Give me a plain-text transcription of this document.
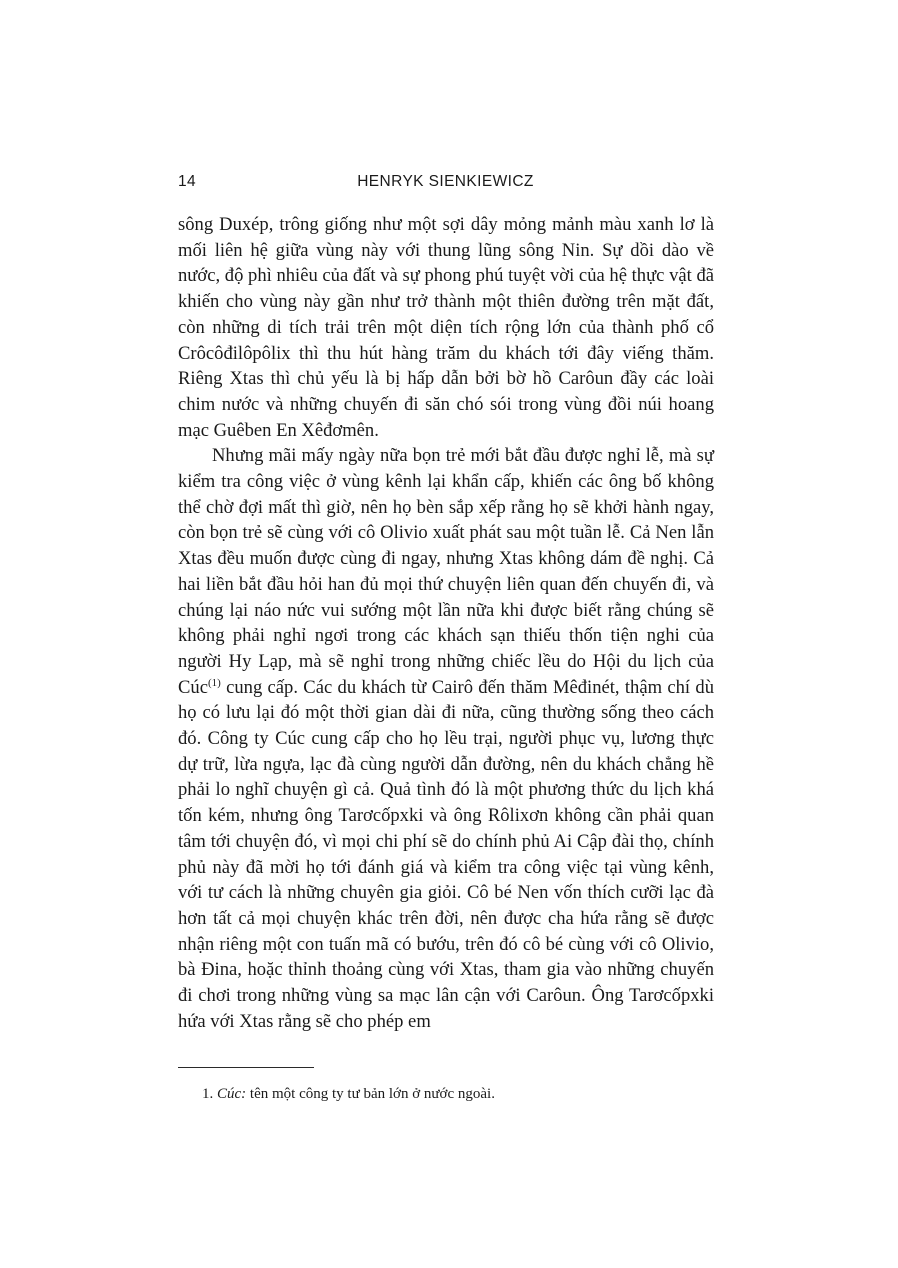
14	HENRYK SIENKIEWICZ

sông Duxép, trông giống như một sợi dây mỏng mảnh màu xanh lơ là mối liên hệ giữa vùng này với thung lũng sông Nin. Sự dồi dào về nước, độ phì nhiêu của đất và sự phong phú tuyệt vời của hệ thực vật đã khiến cho vùng này gần như trở thành một thiên đường trên mặt đất, còn những di tích trải trên một diện tích rộng lớn của thành phố cổ Crôcôđilôpôlix thì thu hút hàng trăm du khách tới đây viếng thăm. Riêng Xtas thì chủ yếu là bị hấp dẫn bởi bờ hồ Carôun đầy các loài chim nước và những chuyến đi săn chó sói trong vùng đồi núi hoang mạc Guêben En Xêđơmên.

Nhưng mãi mấy ngày nữa bọn trẻ mới bắt đầu được nghỉ lễ, mà sự kiểm tra công việc ở vùng kênh lại khẩn cấp, khiến các ông bố không thể chờ đợi mất thì giờ, nên họ bèn sắp xếp rằng họ sẽ khởi hành ngay, còn bọn trẻ sẽ cùng với cô Olivio xuất phát sau một tuần lễ. Cả Nen lẫn Xtas đều muốn được cùng đi ngay, nhưng Xtas không dám đề nghị. Cả hai liền bắt đầu hỏi han đủ mọi thứ chuyện liên quan đến chuyến đi, và chúng lại náo nức vui sướng một lần nữa khi được biết rằng chúng sẽ không phải nghỉ ngơi trong các khách sạn thiếu thốn tiện nghi của người Hy Lạp, mà sẽ nghỉ trong những chiếc lều do Hội du lịch của Cúc$^{(1)}$ cung cấp. Các du khách từ Cairô đến thăm Mêđinét, thậm chí dù họ có lưu lại đó một thời gian dài đi nữa, cũng thường sống theo cách đó. Công ty Cúc cung cấp cho họ lều trại, người phục vụ, lương thực dự trữ, lừa ngựa, lạc đà cùng người dẫn đường, nên du khách chẳng hề phải lo nghĩ chuyện gì cả. Quả tình đó là một phương thức du lịch khá tốn kém, nhưng ông Tarơcốpxki và ông Rôlixơn không cần phải quan tâm tới chuyện đó, vì mọi chi phí sẽ do chính phủ Ai Cập đài thọ, chính phủ này đã mời họ tới đánh giá và kiểm tra công việc tại vùng kênh, với tư cách là những chuyên gia giỏi. Cô bé Nen vốn thích cưỡi lạc đà hơn tất cả mọi chuyện khác trên đời, nên được cha hứa rằng sẽ được nhận riêng một con tuấn mã có bướu, trên đó cô bé cùng với cô Olivio, bà Đina, hoặc thỉnh thoảng cùng với Xtas, tham gia vào những chuyến đi chơi trong những vùng sa mạc lân cận với Carôun. Ông Tarơcốpxki hứa với Xtas rằng sẽ cho phép em

1. Cúc: tên một công ty tư bản lớn ở nước ngoài.
